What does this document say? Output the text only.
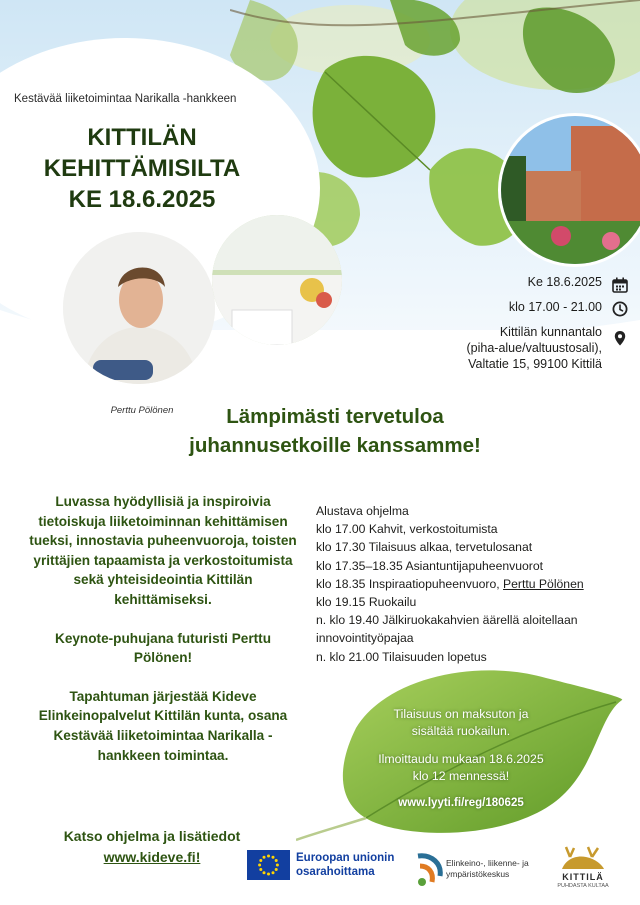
Kestävää liiketoimintaa Narikalla -hankkeen
KITTILÄN
KEHITTÄMISILTA
KE 18.6.2025
Ke 18.6.2025
klo 17.00 - 21.00
Kittilän kunnantalo
(piha-alue/valtuustosali),
Valtatie 15, 99100 Kittilä
Perttu Pölönen	Lämpimästi tervetuloa
juhannusetkoille kanssamme!

Luvassa hyödyllisiä ja inspiroivia tietoiskuja liiketoiminnan kehittämisen tueksi, innostavia puheenvuoroja, toisten yrittäjien tapaamista ja verkostoitumista sekä yhteisideointia Kittilän kehittämiseksi.

Keynote-puhujana futuristi Perttu Pölönen!

Tapahtuman järjestää Kideve Elinkeinopalvelut Kittilän kunta, osana Kestävää liiketoimintaa Narikalla -hankkeen toimintaa.

Alustava ohjelma
klo 17.00 Kahvit, verkostoitumista
klo 17.30 Tilaisuus alkaa, tervetulosanat
klo 17.35–18.35 Asiantuntijapuheenvuorot
klo 18.35 Inspiraatiopuheenvuoro, Perttu Pölönen
klo 19.15 Ruokailu
n. klo 19.40 Jälkiruokakahvien äärellä aloitellaan
innovointityöpajaa
n. klo 21.00 Tilaisuuden lopetus
Tilaisuus on maksuton ja
sisältää ruokailun.
Ilmoittaudu mukaan 18.6.2025
klo 12 mennessä!
www.lyyti.fi/reg/180625
Katso ohjelma ja lisätiedot
www.kideve.fi!	Euroopan unionin
osarahoittama
Elinkeino-, liikenne- ja
ympäristökeskus	KITTILÄ
PUHDASTA KULTAA
